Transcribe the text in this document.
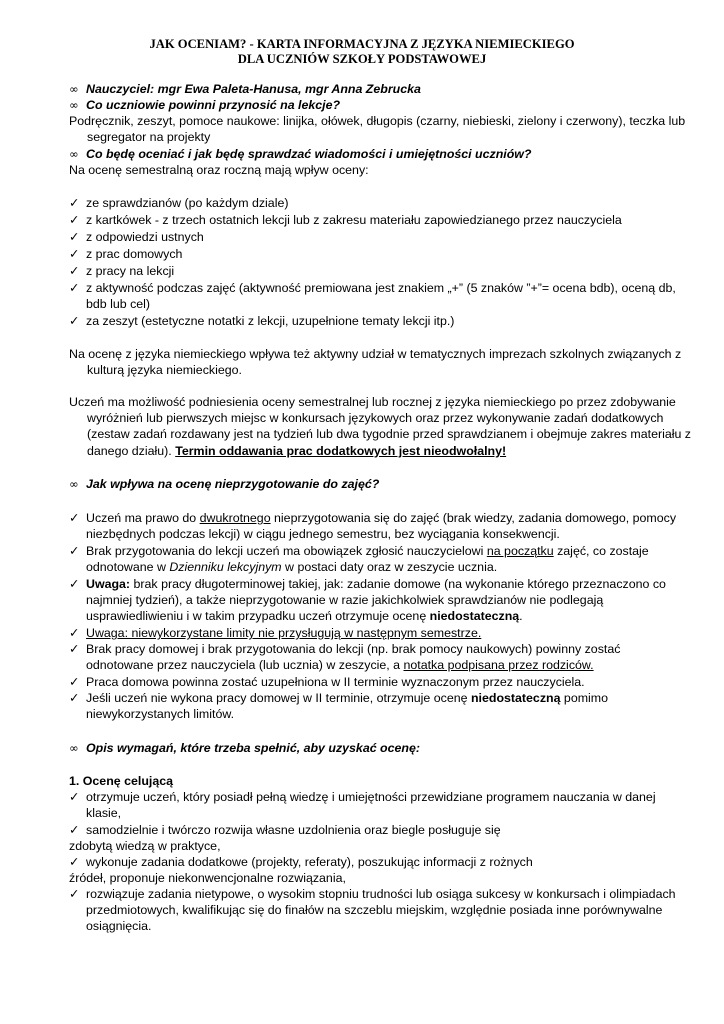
JAK OCENIAM? - KARTA INFORMACYJNA Z JĘZYKA NIEMIECKIEGO
DLA UCZNIÓW SZKOŁY PODSTAWOWEJ
∞ Nauczyciel: mgr Ewa Paleta-Hanusa, mgr Anna Zebrucka
∞ Co uczniowie powinni przynosić na lekcje?
Podręcznik, zeszyt, pomoce naukowe: linijka, ołówek, długopis (czarny, niebieski, zielony i czerwony), teczka lub segregator na projekty
∞ Co będę oceniać i jak będę sprawdzać wiadomości i umiejętności uczniów?
Na ocenę semestralną oraz roczną mają wpływ oceny:
✓ ze sprawdzianów (po każdym dziale)
✓ z kartkówek - z trzech ostatnich lekcji lub z zakresu materiału zapowiedzianego przez nauczyciela
✓ z odpowiedzi ustnych
✓ z prac domowych
✓ z pracy na lekcji
✓ z aktywność podczas zajęć (aktywność premiowana jest znakiem „+” (5 znaków ”+”= ocena bdb), oceną db, bdb lub cel)
✓ za zeszyt (estetyczne notatki z lekcji, uzupełnione tematy lekcji itp.)
Na ocenę z języka niemieckiego wpływa też aktywny udział w tematycznych imprezach szkolnych związanych z kulturą języka niemieckiego.
Uczeń ma możliwość podniesienia oceny semestralnej lub rocznej z języka niemieckiego po przez zdobywanie wyróżnień lub pierwszych miejsc w konkursach językowych oraz przez wykonywanie zadań dodatkowych (zestaw zadań rozdawany jest na tydzień lub dwa tygodnie przed sprawdzianem i obejmuje zakres materiału z danego działu). Termin oddawania prac dodatkowych jest nieodwołalny!
∞ Jak wpływa na ocenę nieprzygotowanie do zajęć?
✓ Uczeń ma prawo do dwukrotnego nieprzygotowania się do zajęć (brak wiedzy, zadania domowego, pomocy niezbędnych podczas lekcji) w ciągu jednego semestru, bez wyciągania konsekwencji.
✓ Brak przygotowania do lekcji uczeń ma obowiązek zgłosić nauczycielowi na początku zajęć, co zostaje odnotowane w Dzienniku lekcyjnym w postaci daty oraz w zeszycie ucznia.
✓ Uwaga: brak pracy długoterminowej takiej, jak: zadanie domowe (na wykonanie którego przeznaczono co najmniej tydzień), a także nieprzygotowanie w razie jakichkolwiek sprawdzianów nie podlegają usprawiedliwieniu i w takim przypadku uczeń otrzymuje ocenę niedostateczną.
✓ Uwaga: niewykorzystane limity nie przysługują w następnym semestrze.
✓ Brak pracy domowej i brak przygotowania do lekcji (np. brak pomocy naukowych) powinny zostać odnotowane przez nauczyciela (lub ucznia) w zeszycie, a notatka podpisana przez rodziców.
✓ Praca domowa powinna zostać uzupełniona w II terminie wyznaczonym przez nauczyciela.
✓ Jeśli uczeń nie wykona pracy domowej w II terminie, otrzymuje ocenę niedostateczną pomimo niewykorzystanych limitów.
∞ Opis wymagań, które trzeba spełnić, aby uzyskać ocenę:
1. Ocenę celującą
✓ otrzymuje uczeń, który posiadł pełną wiedzę i umiejętności przewidziane programem nauczania w danej klasie,
✓ samodzielnie i twórczo rozwija własne uzdolnienia oraz biegle posługuje się
zdobytą wiedzą w praktyce,
✓ wykonuje zadania dodatkowe (projekty, referaty), poszukując informacji z rożnych
źródeł, proponuje niekonwencjonalne rozwiązania,
✓ rozwiązuje zadania nietypowe, o wysokim stopniu trudności lub osiąga sukcesy w konkursach i olimpiadach przedmiotowych, kwalifikując się do finałów na szczeblu miejskim, względnie posiada inne porównywalne osiągnięcia.
